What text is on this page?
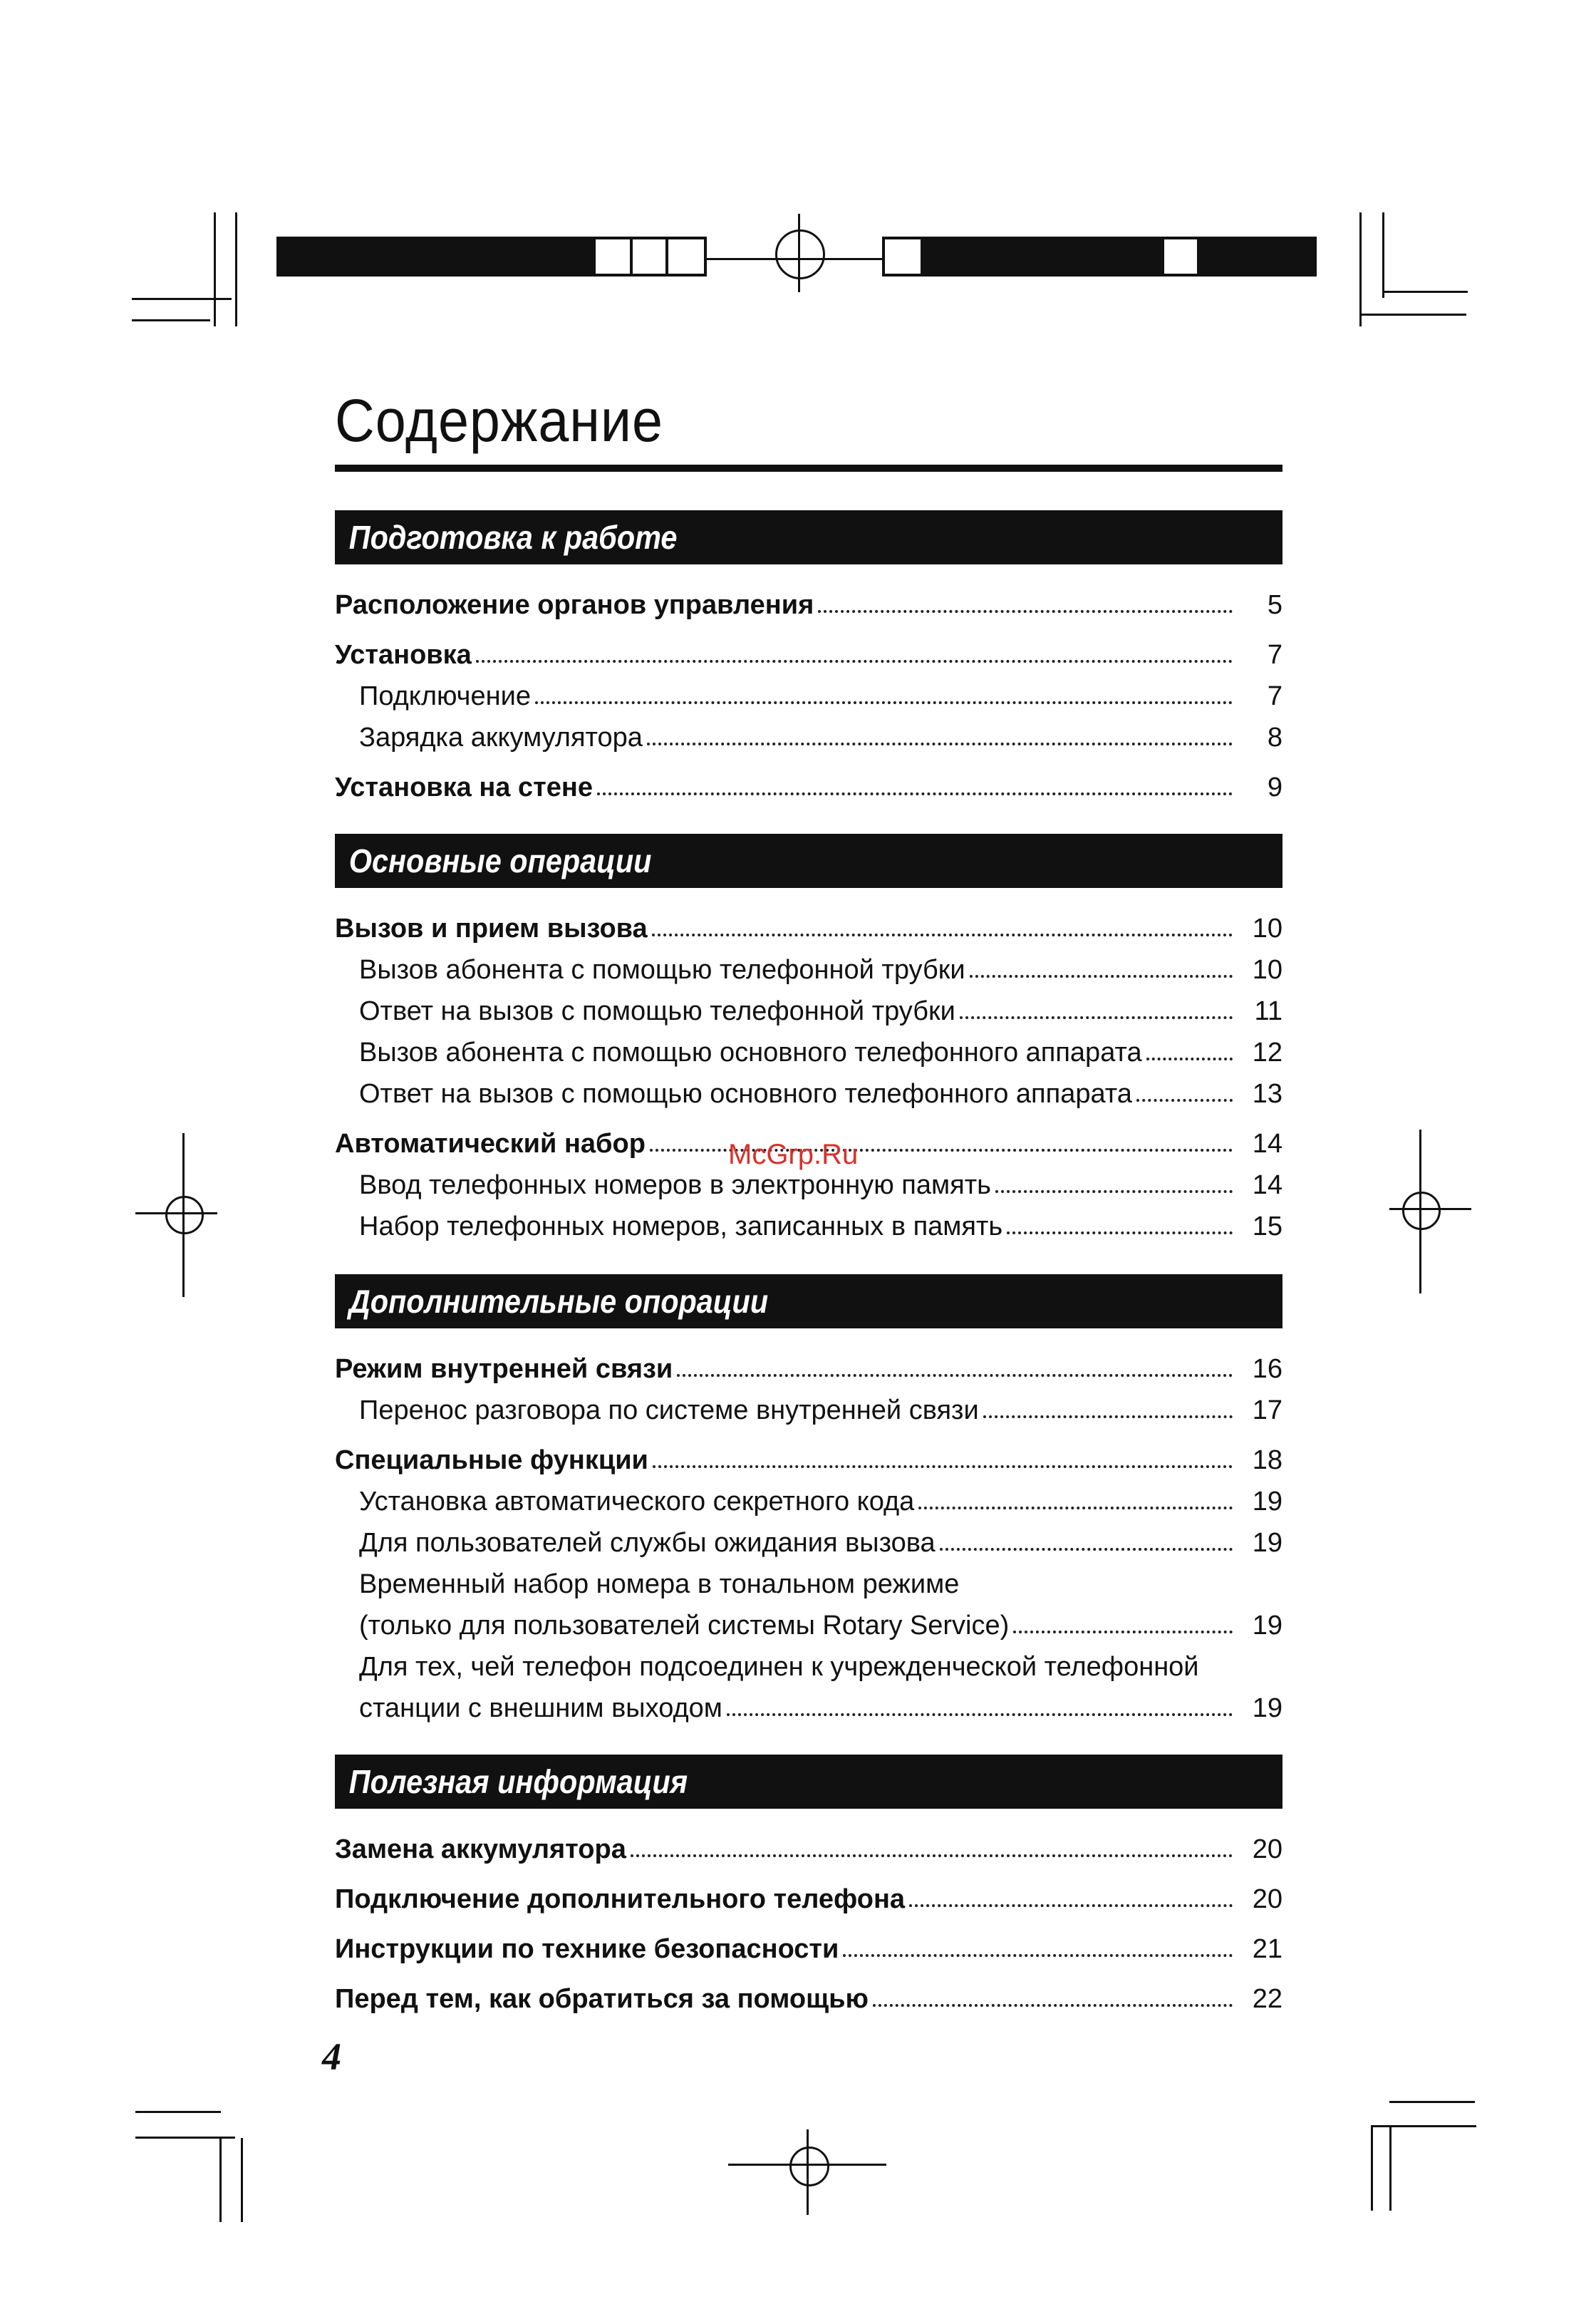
Содержание
Подготовка к работе
Расположение органов управления	5
Установка	7
Подключение	7
Зарядка аккумулятора	8
Установка на стене	9
Основные операции
Вызов и прием вызова	10
Вызов абонента с помощью телефонной трубки	10
Ответ на вызов с помощью телефонной трубки	11
Вызов абонента с помощью основного телефонного аппарата	12
Ответ на вызов с помощью основного телефонного аппарата	13
Автоматический набор	14
Ввод телефонных номеров в электронную память	14
Набор телефонных номеров, записанных в память	15
Дополнительные опорации
Режим внутренней связи	16
Перенос разговора по системе внутренней связи	17
Специальные функции	18
Установка автоматического секретного кода	19
Для пользователей службы ожидания вызова	19
Временный набор номера в тональном режиме
(только для пользователей системы Rotary Service)	19
Для тех, чей телефон подсоединен к учрежденческой телефонной
станции с внешним выходом	19
Полезная информация
Замена аккумулятора	20
Подключение дополнительного телефона	20
Инструкции по технике безопасности	21
Перед тем, как обратиться за помощью	22
McGrp.Ru
4
